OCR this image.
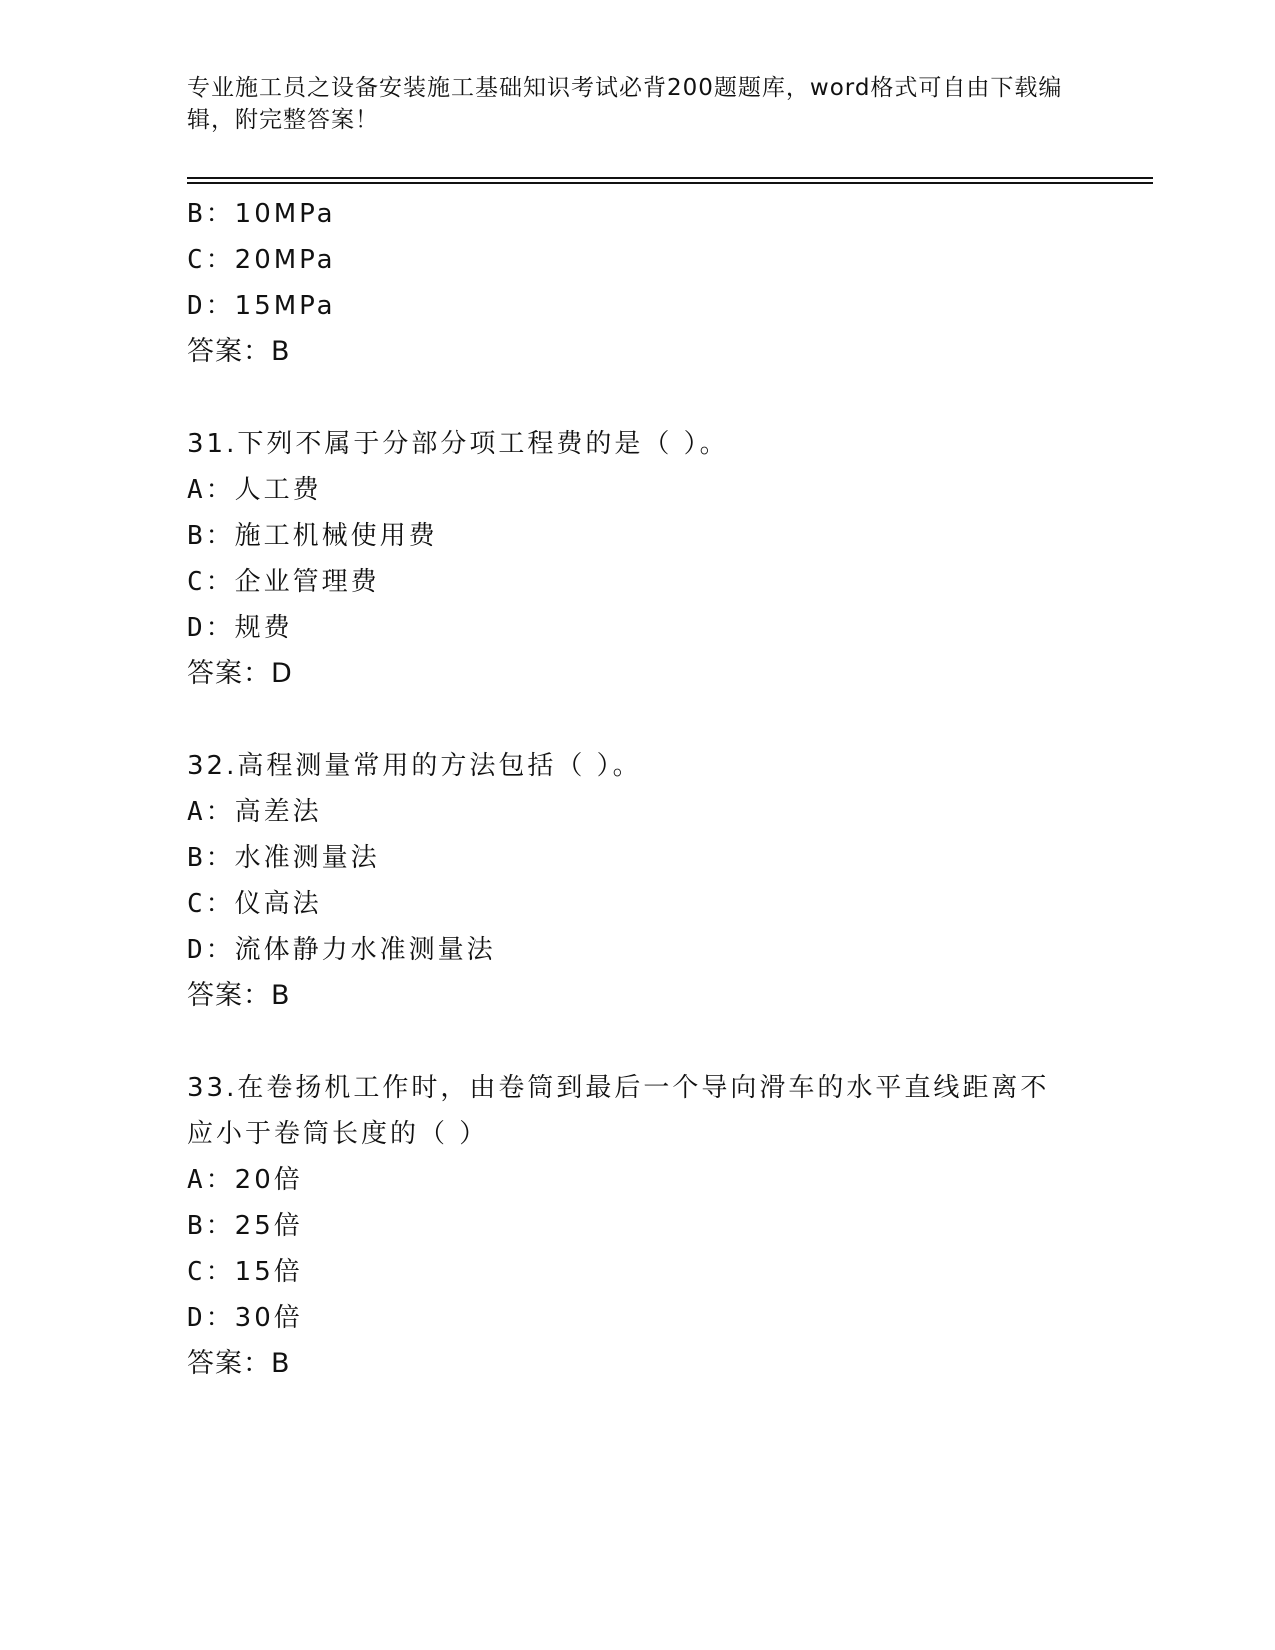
专业施工员之设备安装施工基础知识考试必背200题题库，word格式可自由下载编辑，附完整答案！
B：10MPa
C：20MPa
D：15MPa
答案：B
31.下列不属于分部分项工程费的是（ ）。
A：人工费
B：施工机械使用费
C：企业管理费
D：规费
答案：D
32.高程测量常用的方法包括（ ）。
A：高差法
B：水准测量法
C：仪高法
D：流体静力水准测量法
答案：B
33.在卷扬机工作时，由卷筒到最后一个导向滑车的水平直线距离不应小于卷筒长度的（ ）
A：20倍
B：25倍
C：15倍
D：30倍
答案：B
